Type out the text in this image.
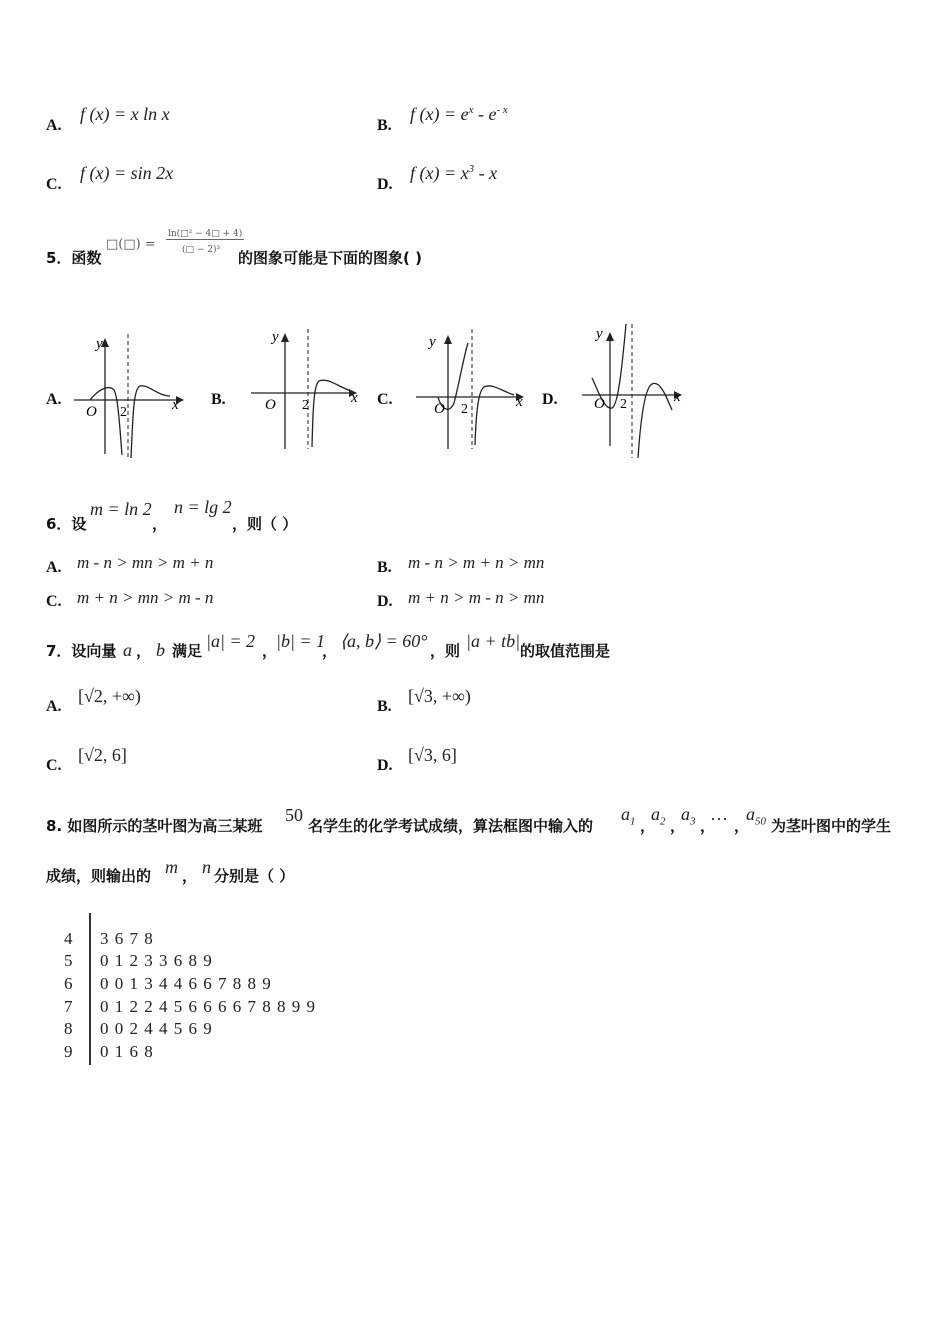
A.
f (x) = x ln x
B.
f $(x) = e^x - e^{- x}$
C.
f (x) = sin 2x
D.
f $(x) = x^3 - x$
5．函数
□(□) =
ln(□² − 4□ + 4)
(□ − 2)³ 的图象可能是下面的图象( )
A.	B.	C.	D.
y
x
O 2
y
x
O 2
y
x
O 2
y
x
O 2
6．设
m = ln 2
，
n = lg 2
，则（ ）
A. m - n > mn > m + n	B. m - n > m + n > mn
C. m + n > mn > m - n	D. m + n > m - n > mn
7．设向量 a ， b 满足 |a| = 2 ，
|b| = 1
， ⟨a, b⟩ = 60° ，则 |a + tb| 的取值范围是
A.
[√2, +∞)
B.
[√3, +∞)
C.
[√2, 6]
D.
[√3, 6]
8. 如图所示的茎叶图为高三某班
50
名学生的化学考试成绩，算法框图中输入的
$a_1$ ，
$a_2$ ，
$a_3$ ，
··· ，
$a_{50}$ 为茎叶图中的学生
成绩，则输出的 m ， n 分别是（ ）
4 3 6 7 8
5 0 1 2 3 3 6 8 9
6 0 0 1 3 4 4 6 6 7 8 8 9
7 0 1 2 2 4 5 6 6 6 6 7 8 8 9 9
8 0 0 2 4 4 5 6 9
9 0 1 6 8
